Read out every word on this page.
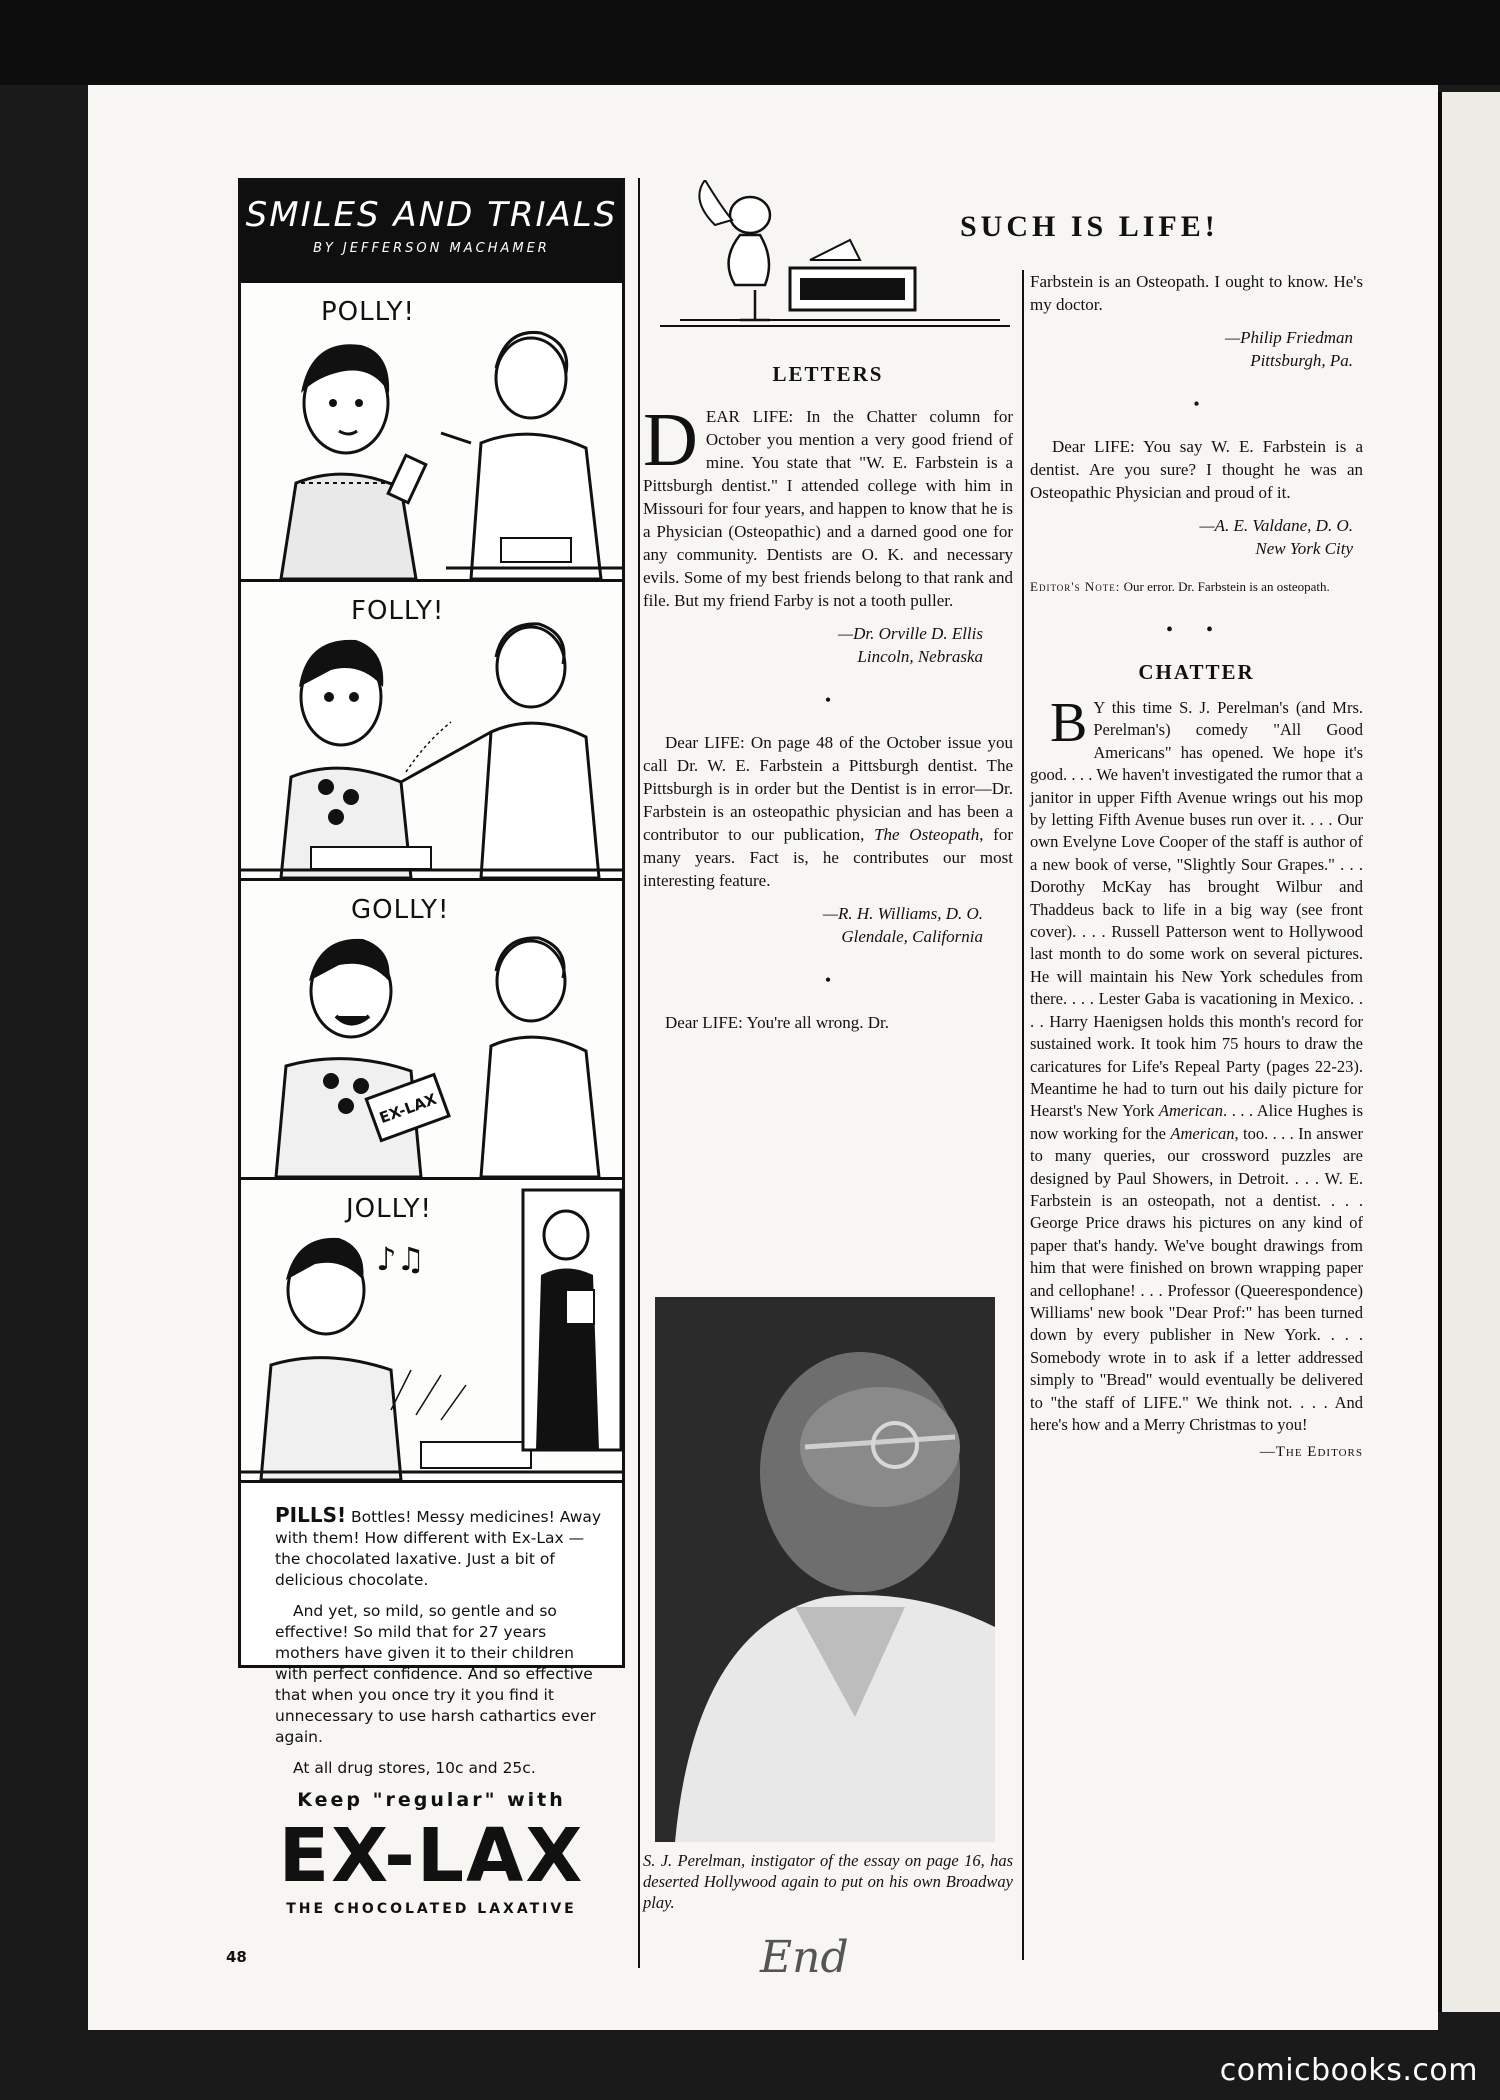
SMILES AND TRIALS
BY JEFFERSON MACHAMER
POLLY!
FOLLY!
EX-LAX
GOLLY!
♪♫
JOLLY!

PILLS! Bottles! Messy medicines! Away with them! How different with Ex-Lax — the chocolated laxative. Just a bit of delicious chocolate.

And yet, so mild, so gentle and so effective! So mild that for 27 years mothers have given it to their children with perfect confidence. And so effective that when you once try it you find it unnecessary to use harsh cathartics ever again.

At all drug stores, 10c and 25c.

Keep "regular" with
EX-LAX
THE CHOCOLATED LAXATIVE
48
SUCH IS LIFE!
LETTERS

DEAR LIFE: In the Chatter column for October you mention a very good friend of mine. You state that "W. E. Farbstein is a Pittsburgh dentist." I attended college with him in Missouri for four years, and happen to know that he is a Physician (Osteopathic) and a darned good one for any community. Dentists are O. K. and necessary evils. Some of my best friends belong to that rank and file. But my friend Farby is not a tooth puller.

—Dr. Orville D. Ellis
Lincoln, Nebraska
•

Dear LIFE: On page 48 of the October issue you call Dr. W. E. Farbstein a Pittsburgh dentist. The Pittsburgh is in order but the Dentist is in error—Dr. Farbstein is an osteopathic physician and has been a contributor to our publication, The Osteopath, for many years. Fact is, he contributes our most interesting feature.

—R. H. Williams, D. O.
Glendale, California
•

Dear LIFE: You're all wrong. Dr.

S. J. Perelman, instigator of the essay on page 16, has deserted Hollywood again to put on his own Broadway play.
End

Farbstein is an Osteopath. I ought to know. He's my doctor.

—Philip Friedman
Pittsburgh, Pa.
•

Dear LIFE: You say W. E. Farbstein is a dentist. Are you sure? I thought he was an Osteopathic Physician and proud of it.

—A. E. Valdane, D. O.
New York City

Editor's Note: Our error. Dr. Farbstein is an osteopath.

• •
CHATTER

B Y this time S. J. Perelman's (and Mrs. Perelman's) comedy "All Good Americans" has opened. We hope it's good. . . . We haven't investigated the rumor that a janitor in upper Fifth Avenue wrings out his mop by letting Fifth Avenue buses run over it. . . . Our own Evelyne Love Cooper of the staff is author of a new book of verse, "Slightly Sour Grapes." . . . Dorothy McKay has brought Wilbur and Thaddeus back to life in a big way (see front cover). . . . Russell Patterson went to Hollywood last month to do some work on several pictures. He will maintain his New York schedules from there. . . . Lester Gaba is vacationing in Mexico. . . . Harry Haenigsen holds this month's record for sustained work. It took him 75 hours to draw the caricatures for Life's Repeal Party (pages 22-23). Meantime he had to turn out his daily picture for Hearst's New York American. . . . Alice Hughes is now working for the American, too. . . . In answer to many queries, our crossword puzzles are designed by Paul Showers, in Detroit. . . . W. E. Farbstein is an osteopath, not a dentist. . . . George Price draws his pictures on any kind of paper that's handy. We've bought drawings from him that were finished on brown wrapping paper and cellophane! . . . Professor (Queerespondence) Williams' new book "Dear Prof:" has been turned down by every publisher in New York. . . . Somebody wrote in to ask if a letter addressed simply to "Bread" would eventually be delivered to "the staff of LIFE." We think not. . . . And here's how and a Merry Christmas to you!

—The Editors
comicbooks.com
